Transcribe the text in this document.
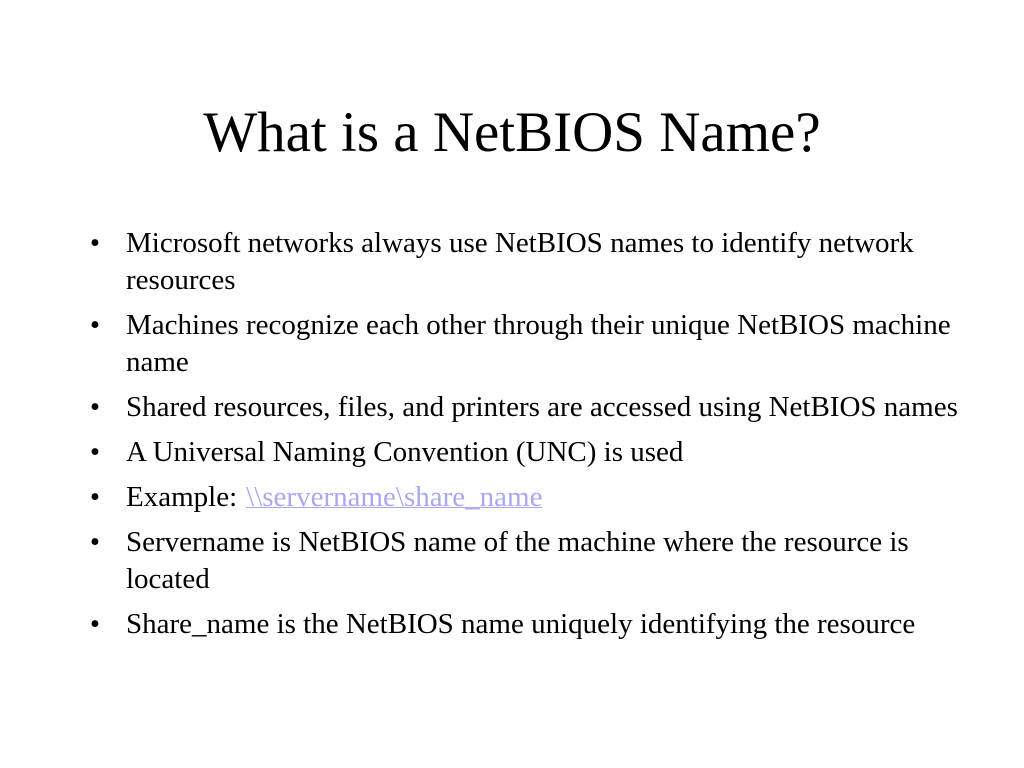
What is a NetBIOS Name?
• Microsoft networks always use NetBIOS names to identify network resources
• Machines recognize each other through their unique NetBIOS machine name
• Shared resources, files, and printers are accessed using NetBIOS names
• A Universal Naming Convention (UNC) is used
• Example: \\servername\share_name
• Servername is NetBIOS name of the machine where the resource is located
• Share_name is the NetBIOS name uniquely identifying the resource
